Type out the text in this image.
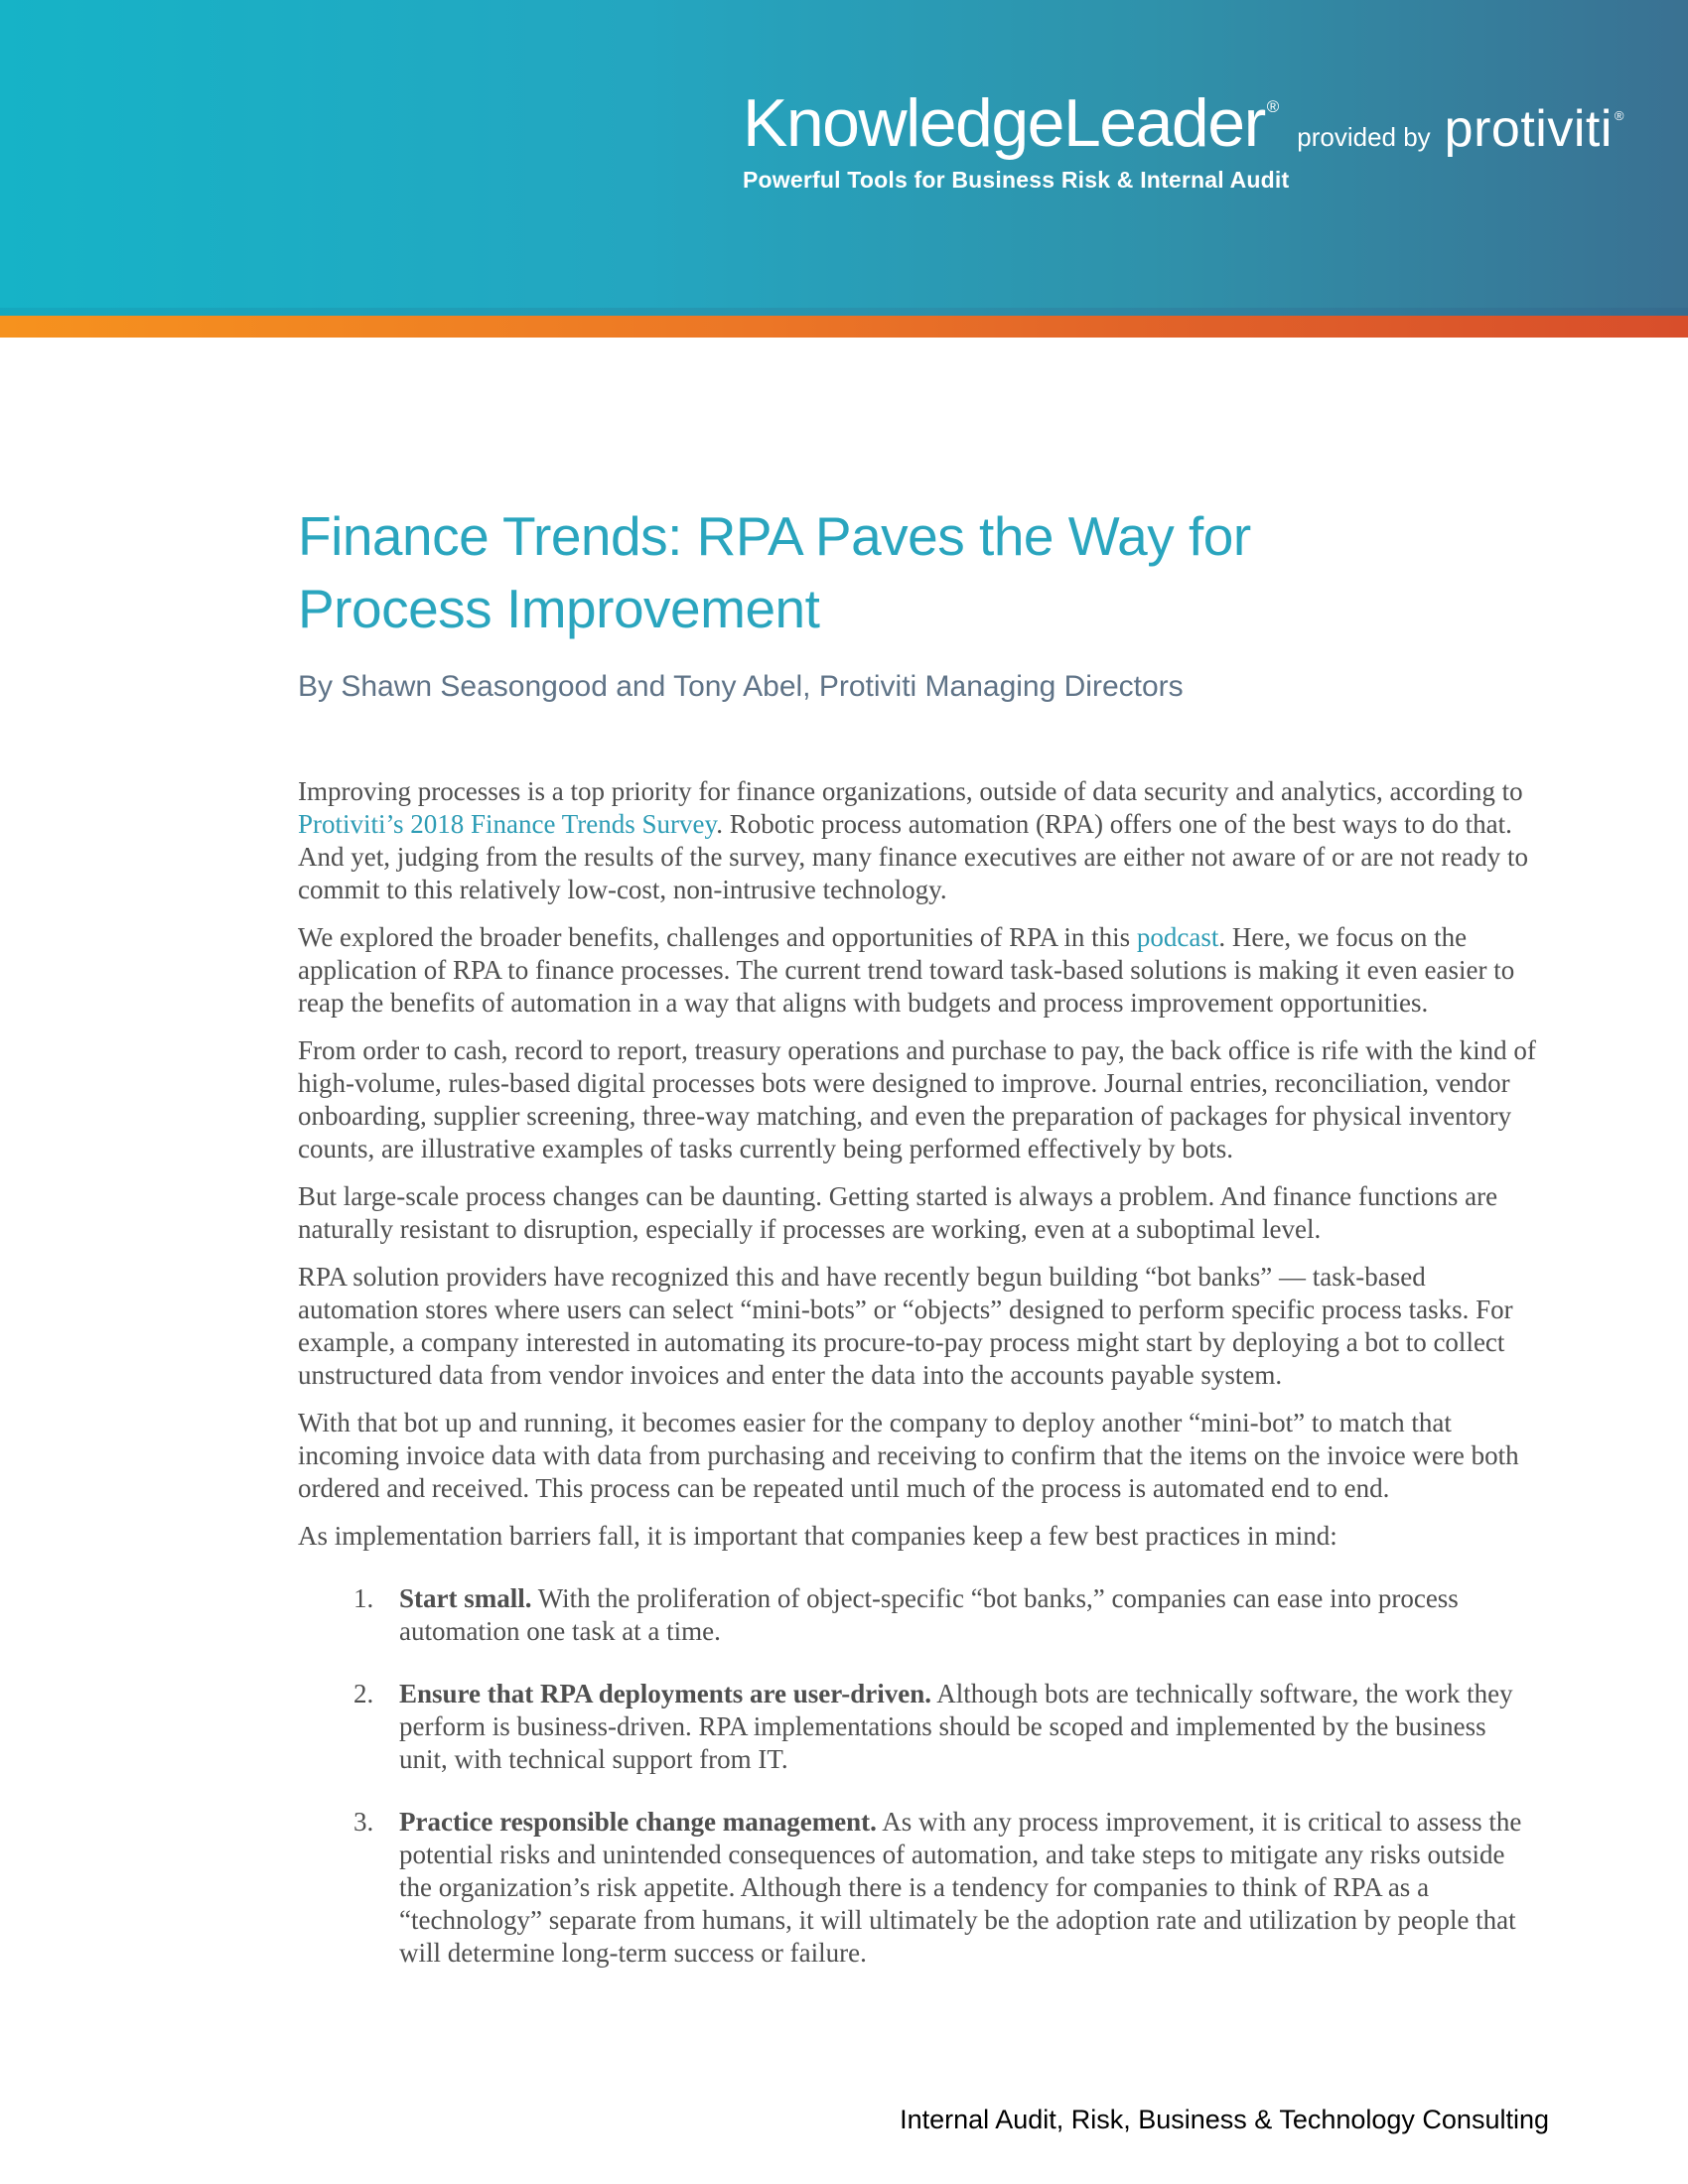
KnowledgeLeader ®
provided by protiviti ®
Powerful Tools for Business Risk & Internal Audit
Finance Trends: RPA Paves the Way for Process Improvement

By Shawn Seasongood and Tony Abel, Protiviti Managing Directors

Improving processes is a top priority for finance organizations, outside of data security and analytics, according to Protiviti’s 2018 Finance Trends Survey. Robotic process automation (RPA) offers one of the best ways to do that. And yet, judging from the results of the survey, many finance executives are either not aware of or are not ready to commit to this relatively low-cost, non-intrusive technology.

We explored the broader benefits, challenges and opportunities of RPA in this podcast. Here, we focus on the application of RPA to finance processes. The current trend toward task-based solutions is making it even easier to reap the benefits of automation in a way that aligns with budgets and process improvement opportunities.

From order to cash, record to report, treasury operations and purchase to pay, the back office is rife with the kind of high-volume, rules-based digital processes bots were designed to improve. Journal entries, reconciliation, vendor onboarding, supplier screening, three-way matching, and even the preparation of packages for physical inventory counts, are illustrative examples of tasks currently being performed effectively by bots.

But large-scale process changes can be daunting. Getting started is always a problem. And finance functions are naturally resistant to disruption, especially if processes are working, even at a suboptimal level.

RPA solution providers have recognized this and have recently begun building “bot banks” — task-based automation stores where users can select “mini-bots” or “objects” designed to perform specific process tasks. For example, a company interested in automating its procure-to-pay process might start by deploying a bot to collect unstructured data from vendor invoices and enter the data into the accounts payable system.

With that bot up and running, it becomes easier for the company to deploy another “mini-bot” to match that incoming invoice data with data from purchasing and receiving to confirm that the items on the invoice were both ordered and received. This process can be repeated until much of the process is automated end to end.

As implementation barriers fall, it is important that companies keep a few best practices in mind:

1. Start small. With the proliferation of object-specific “bot banks,” companies can ease into process automation one task at a time.
2. Ensure that RPA deployments are user-driven. Although bots are technically software, the work they perform is business-driven. RPA implementations should be scoped and implemented by the business unit, with technical support from IT.
3. Practice responsible change management. As with any process improvement, it is critical to assess the potential risks and unintended consequences of automation, and take steps to mitigate any risks outside the organization’s risk appetite. Although there is a tendency for companies to think of RPA as a “technology” separate from humans, it will ultimately be the adoption rate and utilization by people that will determine long-term success or failure.
Internal Audit, Risk, Business & Technology Consulting
